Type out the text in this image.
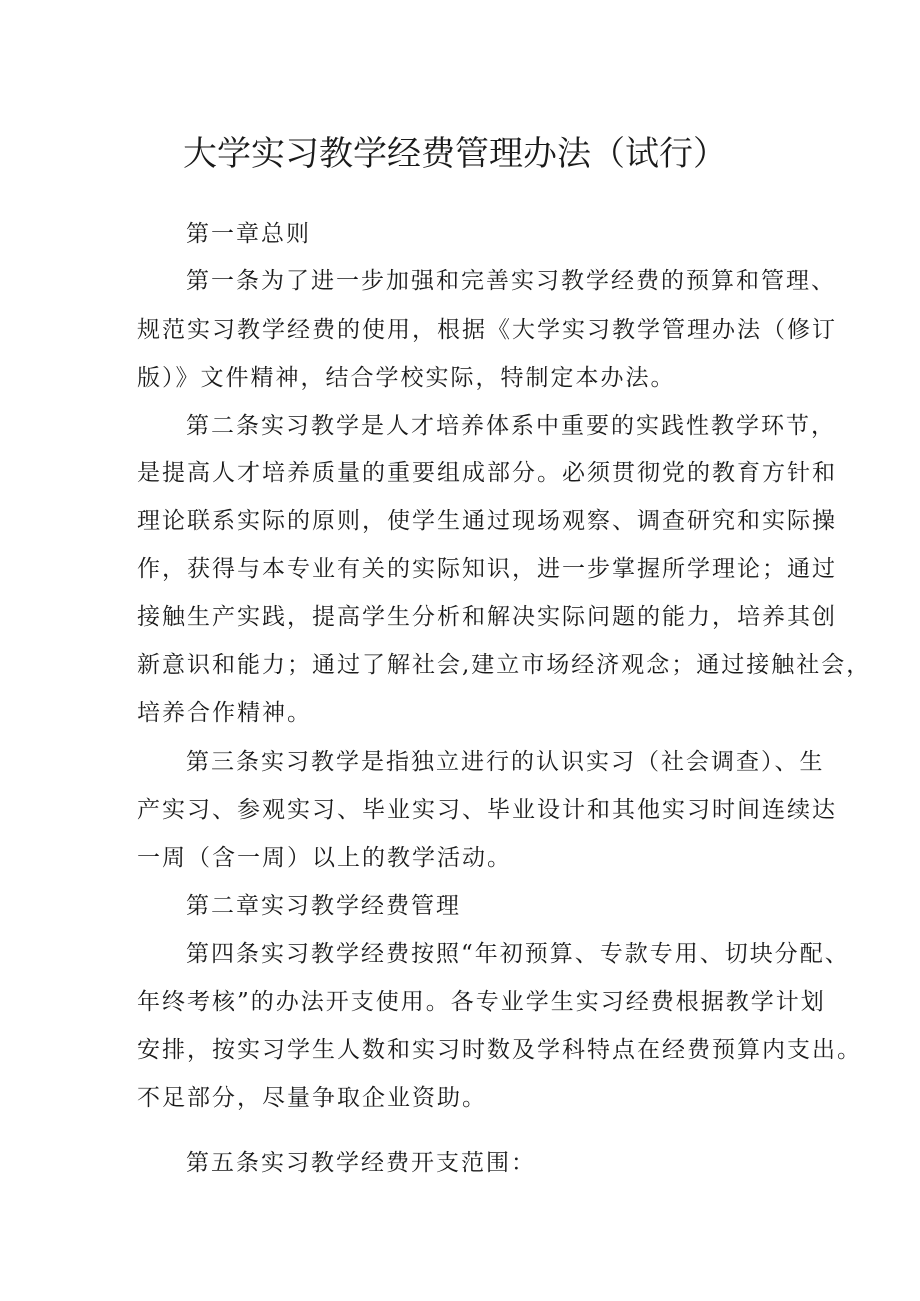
大学实习教学经费管理办法（试行）
第一章总则
第一条为了进一步加强和完善实习教学经费的预算和管理、
规范实习教学经费的使用，根据《大学实习教学管理办法（修订
版）》文件精神，结合学校实际，特制定本办法。
第二条实习教学是人才培养体系中重要的实践性教学环节，
是提高人才培养质量的重要组成部分。必须贯彻党的教育方针和
理论联系实际的原则，使学生通过现场观察、调查研究和实际操
作，获得与本专业有关的实际知识，进一步掌握所学理论；通过
接触生产实践，提高学生分析和解决实际问题的能力，培养其创
新意识和能力；通过了解社会,建立市场经济观念；通过接触社会，
培养合作精神。
第三条实习教学是指独立进行的认识实习（社会调查）、生
产实习、参观实习、毕业实习、毕业设计和其他实习时间连续达
一周（含一周）以上的教学活动。
第二章实习教学经费管理
第四条实习教学经费按照“年初预算、专款专用、切块分配、
年终考核”的办法开支使用。各专业学生实习经费根据教学计划
安排，按实习学生人数和实习时数及学科特点在经费预算内支出。
不足部分，尽量争取企业资助。
第五条实习教学经费开支范围：
